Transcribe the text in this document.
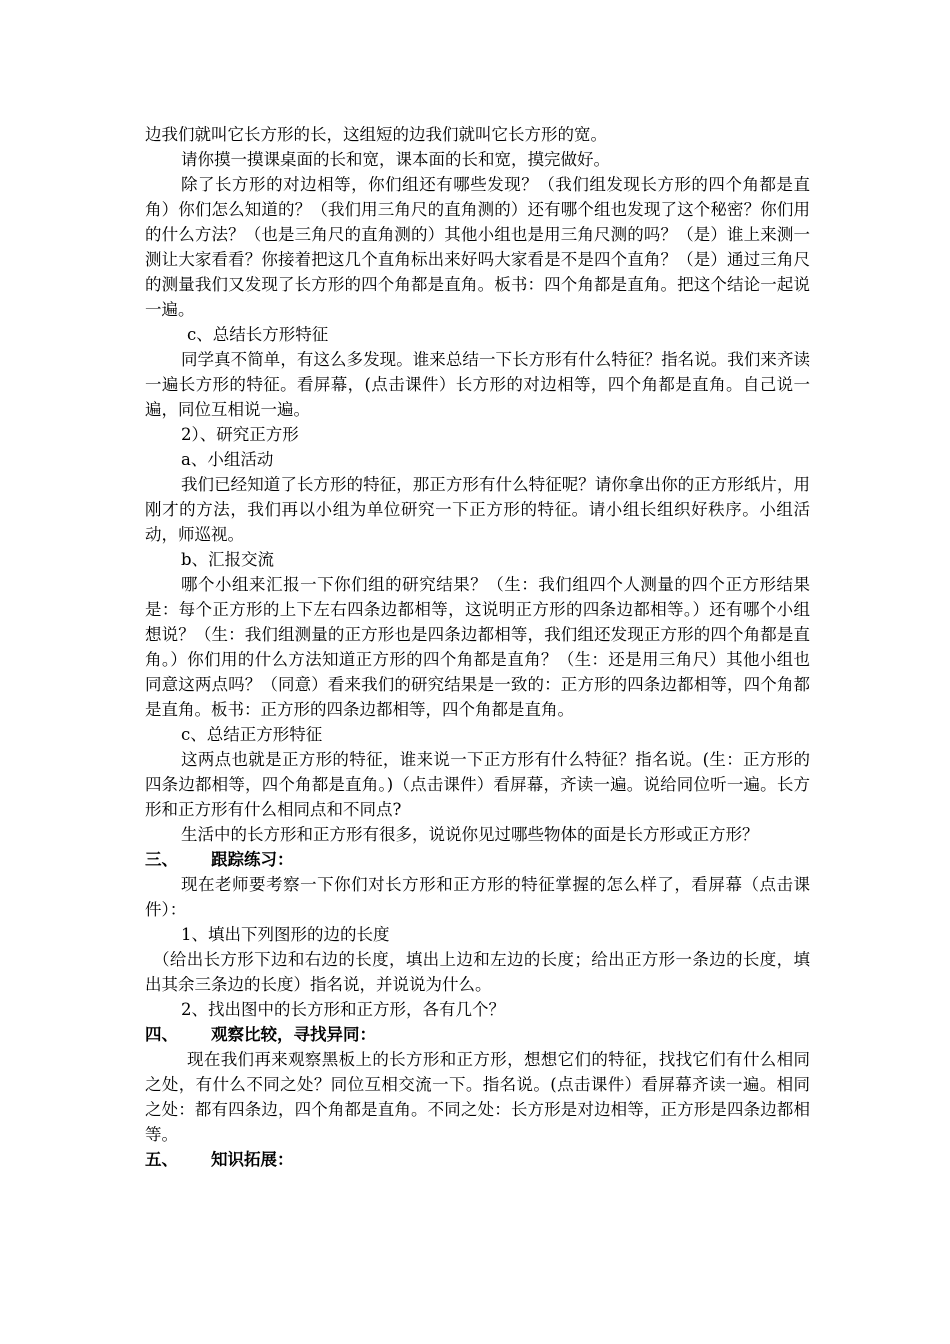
边我们就叫它长方形的长，这组短的边我们就叫它长方形的宽。

请你摸一摸课桌面的长和宽，课本面的长和宽，摸完做好。

除了长方形的对边相等，你们组还有哪些发现？（我们组发现长方形的四个角都是直角）你们怎么知道的？（我们用三角尺的直角测的）还有哪个组也发现了这个秘密？你们用的什么方法？（也是三角尺的直角测的）其他小组也是用三角尺测的吗？（是）谁上来测一测让大家看看？你接着把这几个直角标出来好吗大家看是不是四个直角？（是）通过三角尺的测量我们又发现了长方形的四个角都是直角。板书：四个角都是直角。把这个结论一起说一遍。

c、总结长方形特征

同学真不简单，有这么多发现。谁来总结一下长方形有什么特征？指名说。我们来齐读一遍长方形的特征。看屏幕，(点击课件）长方形的对边相等，四个角都是直角。自己说一遍，同位互相说一遍。

2）、研究正方形

a、小组活动

我们已经知道了长方形的特征，那正方形有什么特征呢？请你拿出你的正方形纸片，用刚才的方法，我们再以小组为单位研究一下正方形的特征。请小组长组织好秩序。小组活动，师巡视。

b、汇报交流

哪个小组来汇报一下你们组的研究结果？（生：我们组四个人测量的四个正方形结果是：每个正方形的上下左右四条边都相等，这说明正方形的四条边都相等。）还有哪个小组想说？（生：我们组测量的正方形也是四条边都相等，我们组还发现正方形的四个角都是直角。）你们用的什么方法知道正方形的四个角都是直角？（生：还是用三角尺）其他小组也同意这两点吗？（同意）看来我们的研究结果是一致的：正方形的四条边都相等，四个角都是直角。板书：正方形的四条边都相等，四个角都是直角。

c、总结正方形特征

这两点也就是正方形的特征，谁来说一下正方形有什么特征？指名说。(生：正方形的四条边都相等，四个角都是直角。)（点击课件）看屏幕，齐读一遍。说给同位听一遍。长方形和正方形有什么相同点和不同点?

生活中的长方形和正方形有很多，说说你见过哪些物体的面是长方形或正方形？

三、 跟踪练习：

现在老师要考察一下你们对长方形和正方形的特征掌握的怎么样了，看屏幕（点击课件）：

1、填出下列图形的边的长度

（给出长方形下边和右边的长度，填出上边和左边的长度；给出正方形一条边的长度，填出其余三条边的长度）指名说，并说说为什么。

2、找出图中的长方形和正方形，各有几个？

四、 观察比较，寻找异同：

现在我们再来观察黑板上的长方形和正方形，想想它们的特征，找找它们有什么相同之处，有什么不同之处？同位互相交流一下。指名说。(点击课件）看屏幕齐读一遍。相同之处：都有四条边，四个角都是直角。不同之处：长方形是对边相等，正方形是四条边都相等。

五、 知识拓展：
